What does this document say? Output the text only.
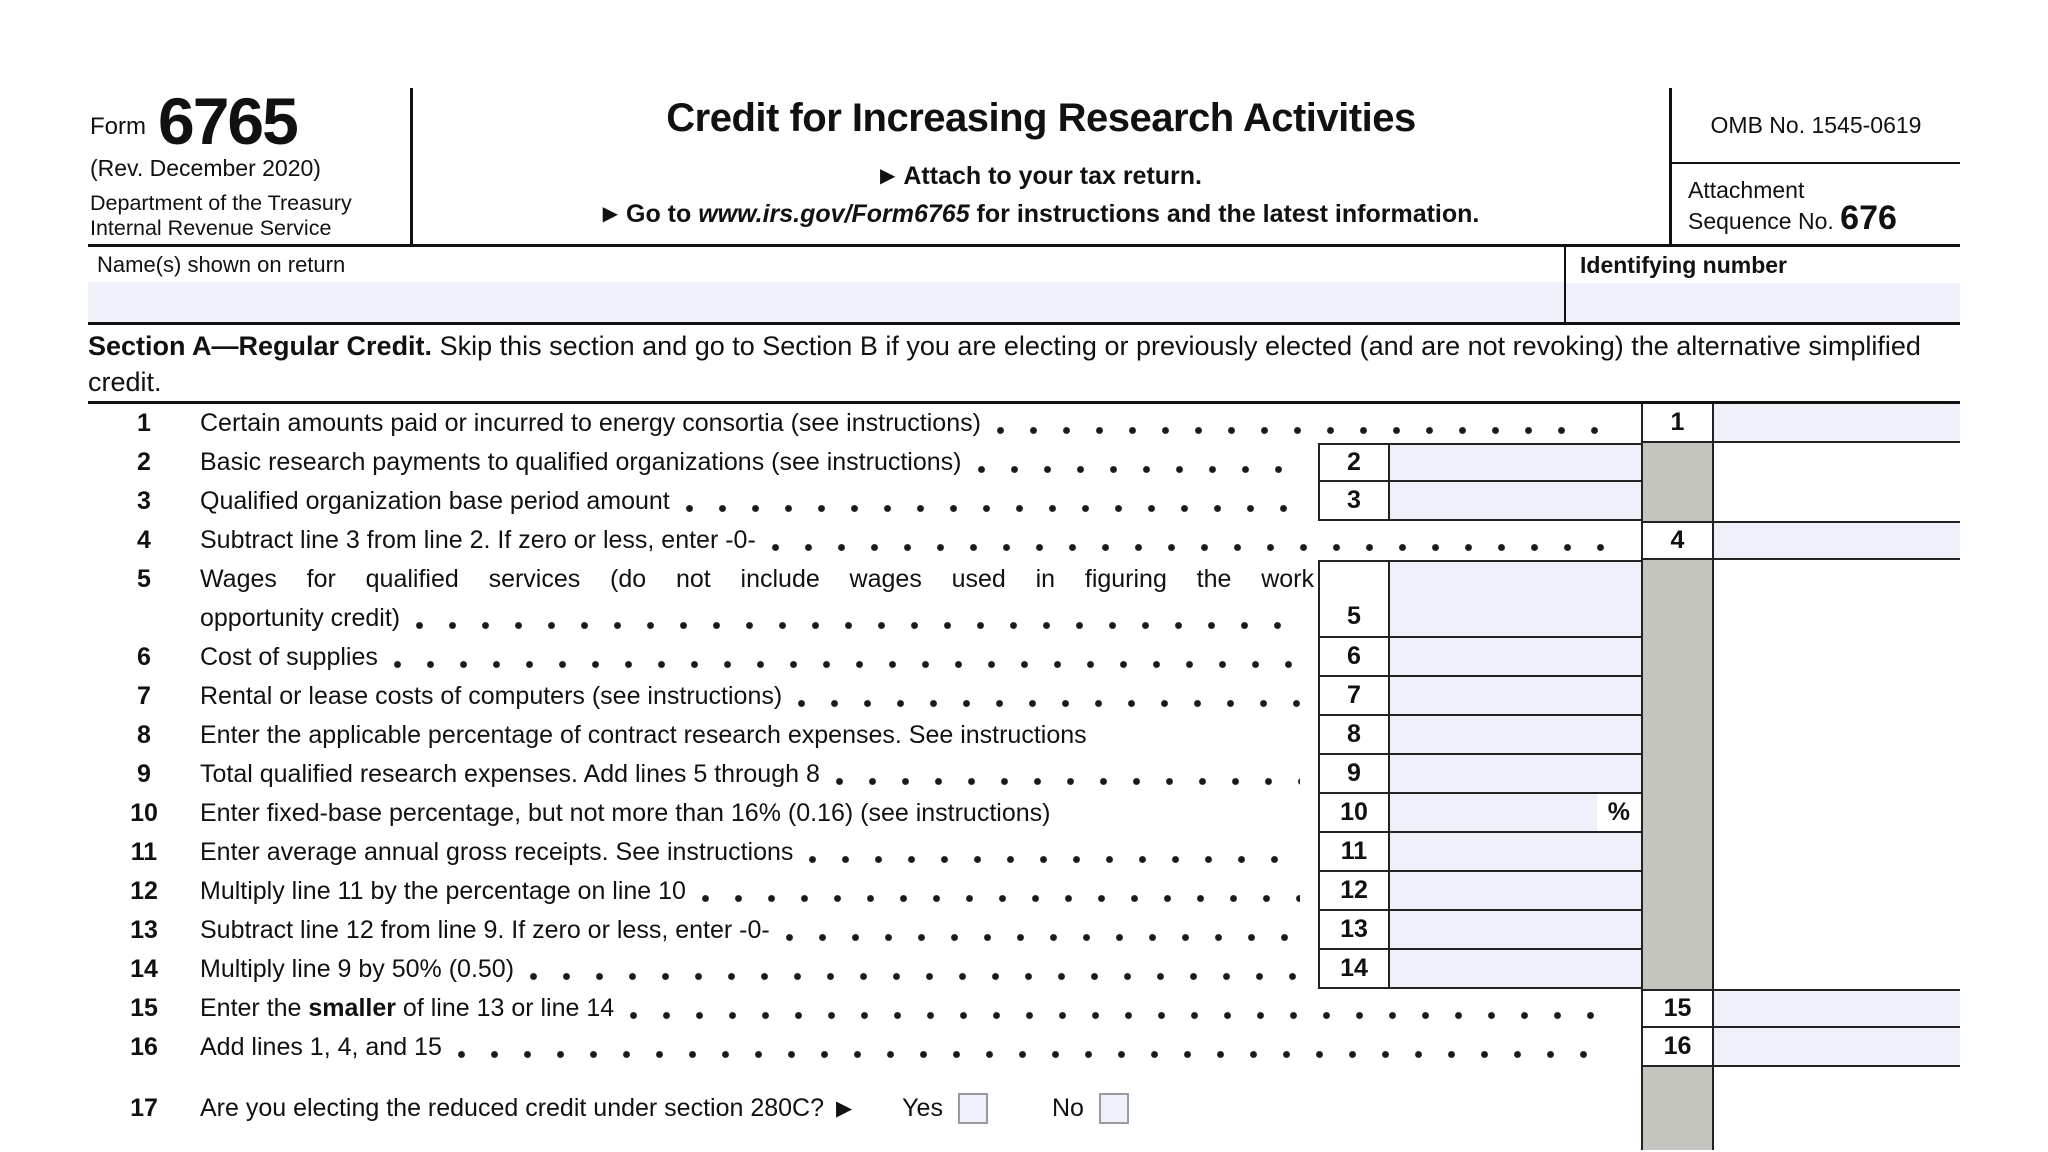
Form 6765
(Rev. December 2020)
Department of the Treasury
Internal Revenue Service
Credit for Increasing Research Activities
▶ Attach to your tax return.
▶ Go to www.irs.gov/Form6765 for instructions and the latest information.
OMB No. 1545-0619
Attachment
Sequence No. 676
Name(s) shown on return	Identifying number
Section A—Regular Credit. Skip this section and go to Section B if you are electing or previously elected (and are not revoking) the alternative simplified credit.
1	Certain amounts paid or incurred to energy consortia (see instructions)	1
2	Basic research payments to qualified organizations (see instructions)	2
3	Qualified organization base period amount	3
4	Subtract line 3 from line 2. If zero or less, enter -0-	4
5	Wages for qualified services (do not include wages used in figuring the work
opportunity credit)	5
6	Cost of supplies	6
7	Rental or lease costs of computers (see instructions)	7
8	Enter the applicable percentage of contract research expenses. See instructions	8
9	Total qualified research expenses. Add lines 5 through 8	9
10	Enter fixed-base percentage, but not more than 16% (0.16) (see instructions)	10	%
11	Enter average annual gross receipts. See instructions	11
12	Multiply line 11 by the percentage on line 10	12
13	Subtract line 12 from line 9. If zero or less, enter -0-	13
14	Multiply line 9 by 50% (0.50)	14
15	Enter the smaller of line 13 or line 14	15
16	Add lines 1, 4, and 15	16
17	Are you electing the reduced credit under section 280C? ▶ Yes	No
